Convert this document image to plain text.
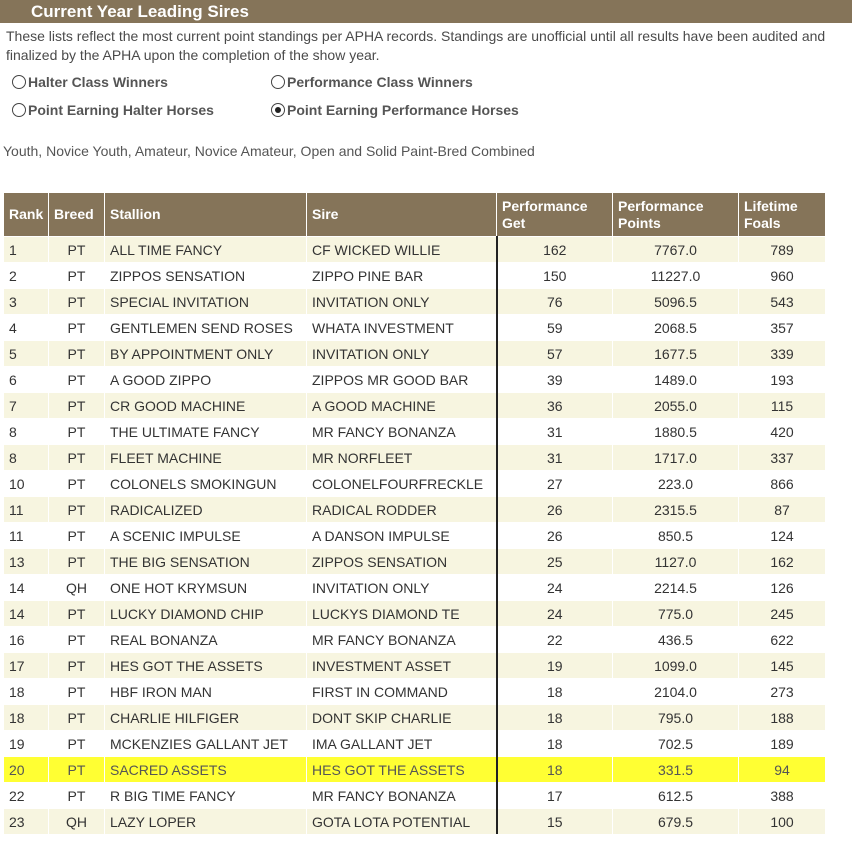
Current Year Leading Sires
These lists reflect the most current point standings per APHA records. Standings are unofficial until all results have been audited and finalized by the APHA upon the completion of the show year.
Halter Class Winners	Performance Class Winners
Point Earning Halter Horses	Point Earning Performance Horses
Youth, Novice Youth, Amateur, Novice Amateur, Open and Solid Paint-Bred Combined
Rank	Breed	Stallion	Sire	Performance Get	Performance Points	Lifetime Foals
1	PT	ALL TIME FANCY	CF WICKED WILLIE	162	7767.0	789
2	PT	ZIPPOS SENSATION	ZIPPO PINE BAR	150	11227.0	960
3	PT	SPECIAL INVITATION	INVITATION ONLY	76	5096.5	543
4	PT	GENTLEMEN SEND ROSES	WHATA INVESTMENT	59	2068.5	357
5	PT	BY APPOINTMENT ONLY	INVITATION ONLY	57	1677.5	339
6	PT	A GOOD ZIPPO	ZIPPOS MR GOOD BAR	39	1489.0	193
7	PT	CR GOOD MACHINE	A GOOD MACHINE	36	2055.0	115
8	PT	THE ULTIMATE FANCY	MR FANCY BONANZA	31	1880.5	420
8	PT	FLEET MACHINE	MR NORFLEET	31	1717.0	337
10	PT	COLONELS SMOKINGUN	COLONELFOURFRECKLE	27	223.0	866
11	PT	RADICALIZED	RADICAL RODDER	26	2315.5	87
11	PT	A SCENIC IMPULSE	A DANSON IMPULSE	26	850.5	124
13	PT	THE BIG SENSATION	ZIPPOS SENSATION	25	1127.0	162
14	QH	ONE HOT KRYMSUN	INVITATION ONLY	24	2214.5	126
14	PT	LUCKY DIAMOND CHIP	LUCKYS DIAMOND TE	24	775.0	245
16	PT	REAL BONANZA	MR FANCY BONANZA	22	436.5	622
17	PT	HES GOT THE ASSETS	INVESTMENT ASSET	19	1099.0	145
18	PT	HBF IRON MAN	FIRST IN COMMAND	18	2104.0	273
18	PT	CHARLIE HILFIGER	DONT SKIP CHARLIE	18	795.0	188
19	PT	MCKENZIES GALLANT JET	IMA GALLANT JET	18	702.5	189
20	PT	SACRED ASSETS	HES GOT THE ASSETS	18	331.5	94
22	PT	R BIG TIME FANCY	MR FANCY BONANZA	17	612.5	388
23	QH	LAZY LOPER	GOTA LOTA POTENTIAL	15	679.5	100
